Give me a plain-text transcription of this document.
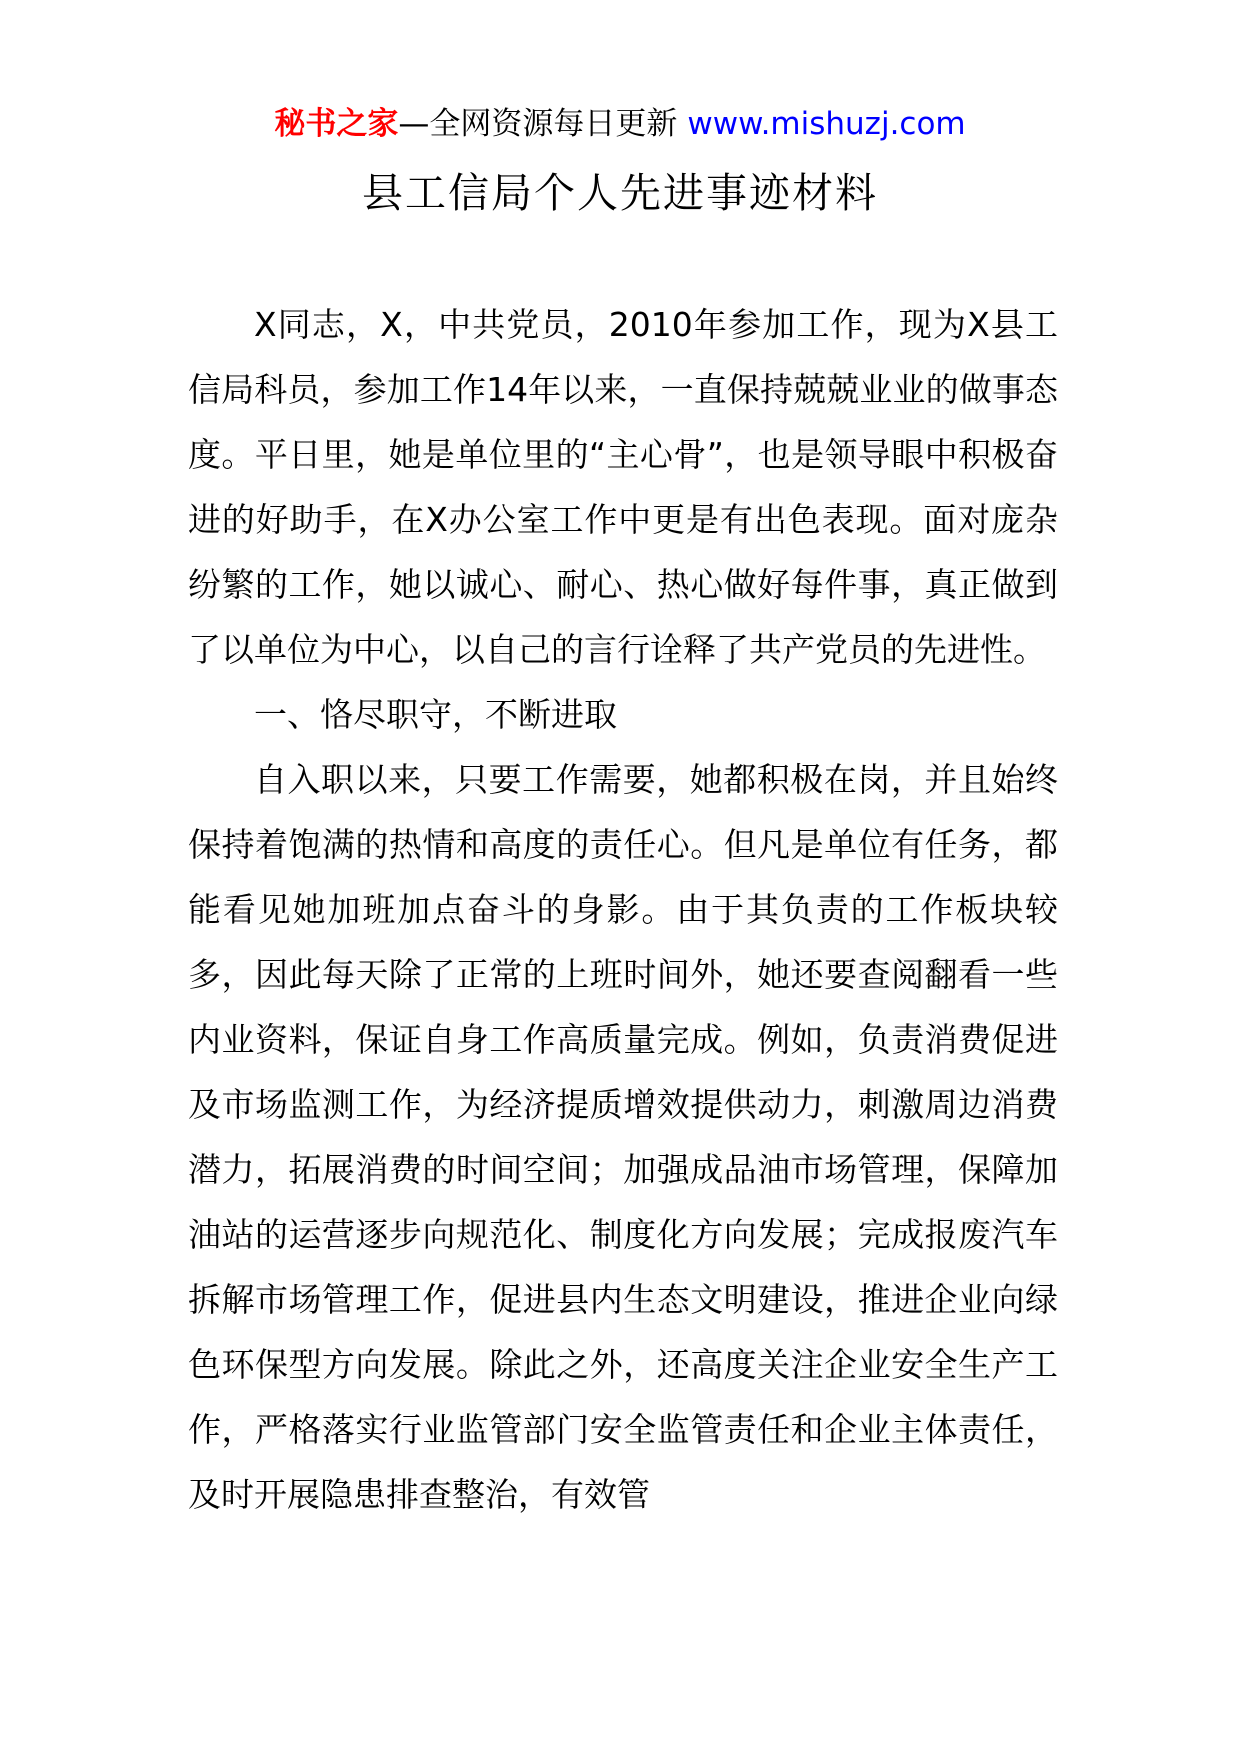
秘书之家—全网资源每日更新 www.mishuzj.com
县工信局个人先进事迹材料

X同志，X，中共党员，2010年参加工作，现为X县工信局科员，参加工作14年以来，一直保持兢兢业业的做事态度。平日里，她是单位里的“主心骨”，也是领导眼中积极奋进的好助手，在X办公室工作中更是有出色表现。面对庞杂纷繁的工作，她以诚心、耐心、热心做好每件事，真正做到了以单位为中心，以自己的言行诠释了共产党员的先进性。

一、恪尽职守，不断进取

自入职以来，只要工作需要，她都积极在岗，并且始终保持着饱满的热情和高度的责任心。但凡是单位有任务，都能看见她加班加点奋斗的身影。由于其负责的工作板块较多，因此每天除了正常的上班时间外，她还要查阅翻看一些内业资料，保证自身工作高质量完成。例如，负责消费促进及市场监测工作，为经济提质增效提供动力，刺激周边消费潜力，拓展消费的时间空间；加强成品油市场管理，保障加油站的运营逐步向规范化、制度化方向发展；完成报废汽车拆解市场管理工作，促进县内生态文明建设，推进企业向绿色环保型方向发展。除此之外，还高度关注企业安全生产工作，严格落实行业监管部门安全监管责任和企业主体责任，及时开展隐患排查整治，有效管
